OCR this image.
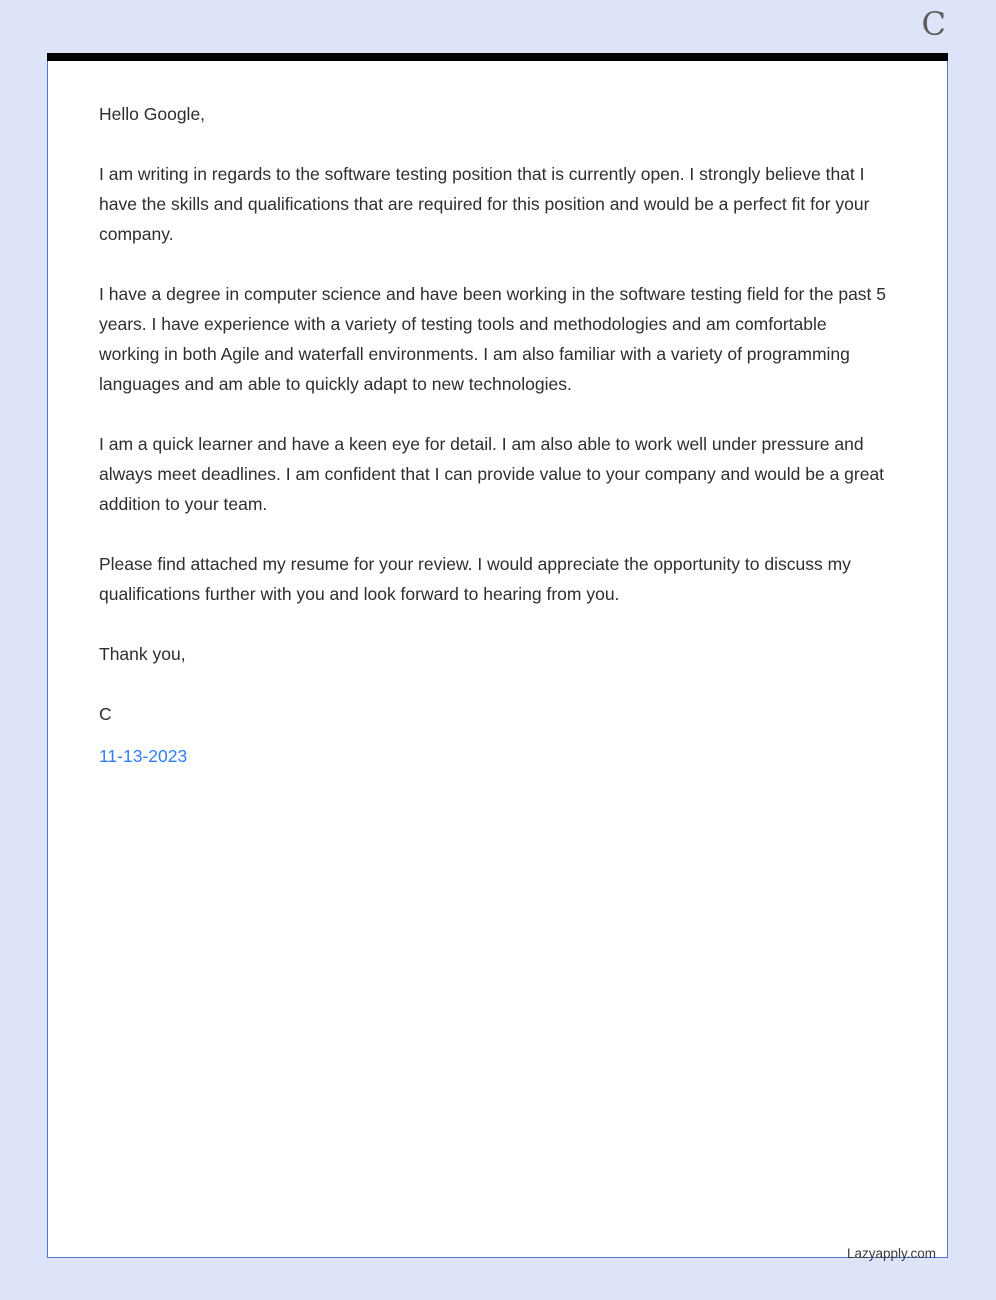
C

Hello Google,

I am writing in regards to the software testing position that is currently open. I strongly believe that I have the skills and qualifications that are required for this position and would be a perfect fit for your company.

I have a degree in computer science and have been working in the software testing field for the past 5 years. I have experience with a variety of testing tools and methodologies and am comfortable working in both Agile and waterfall environments. I am also familiar with a variety of programming languages and am able to quickly adapt to new technologies.

I am a quick learner and have a keen eye for detail. I am also able to work well under pressure and always meet deadlines. I am confident that I can provide value to your company and would be a great addition to your team.

Please find attached my resume for your review. I would appreciate the opportunity to discuss my qualifications further with you and look forward to hearing from you.

Thank you,

C

11-13-2023
Lazyapply.com
